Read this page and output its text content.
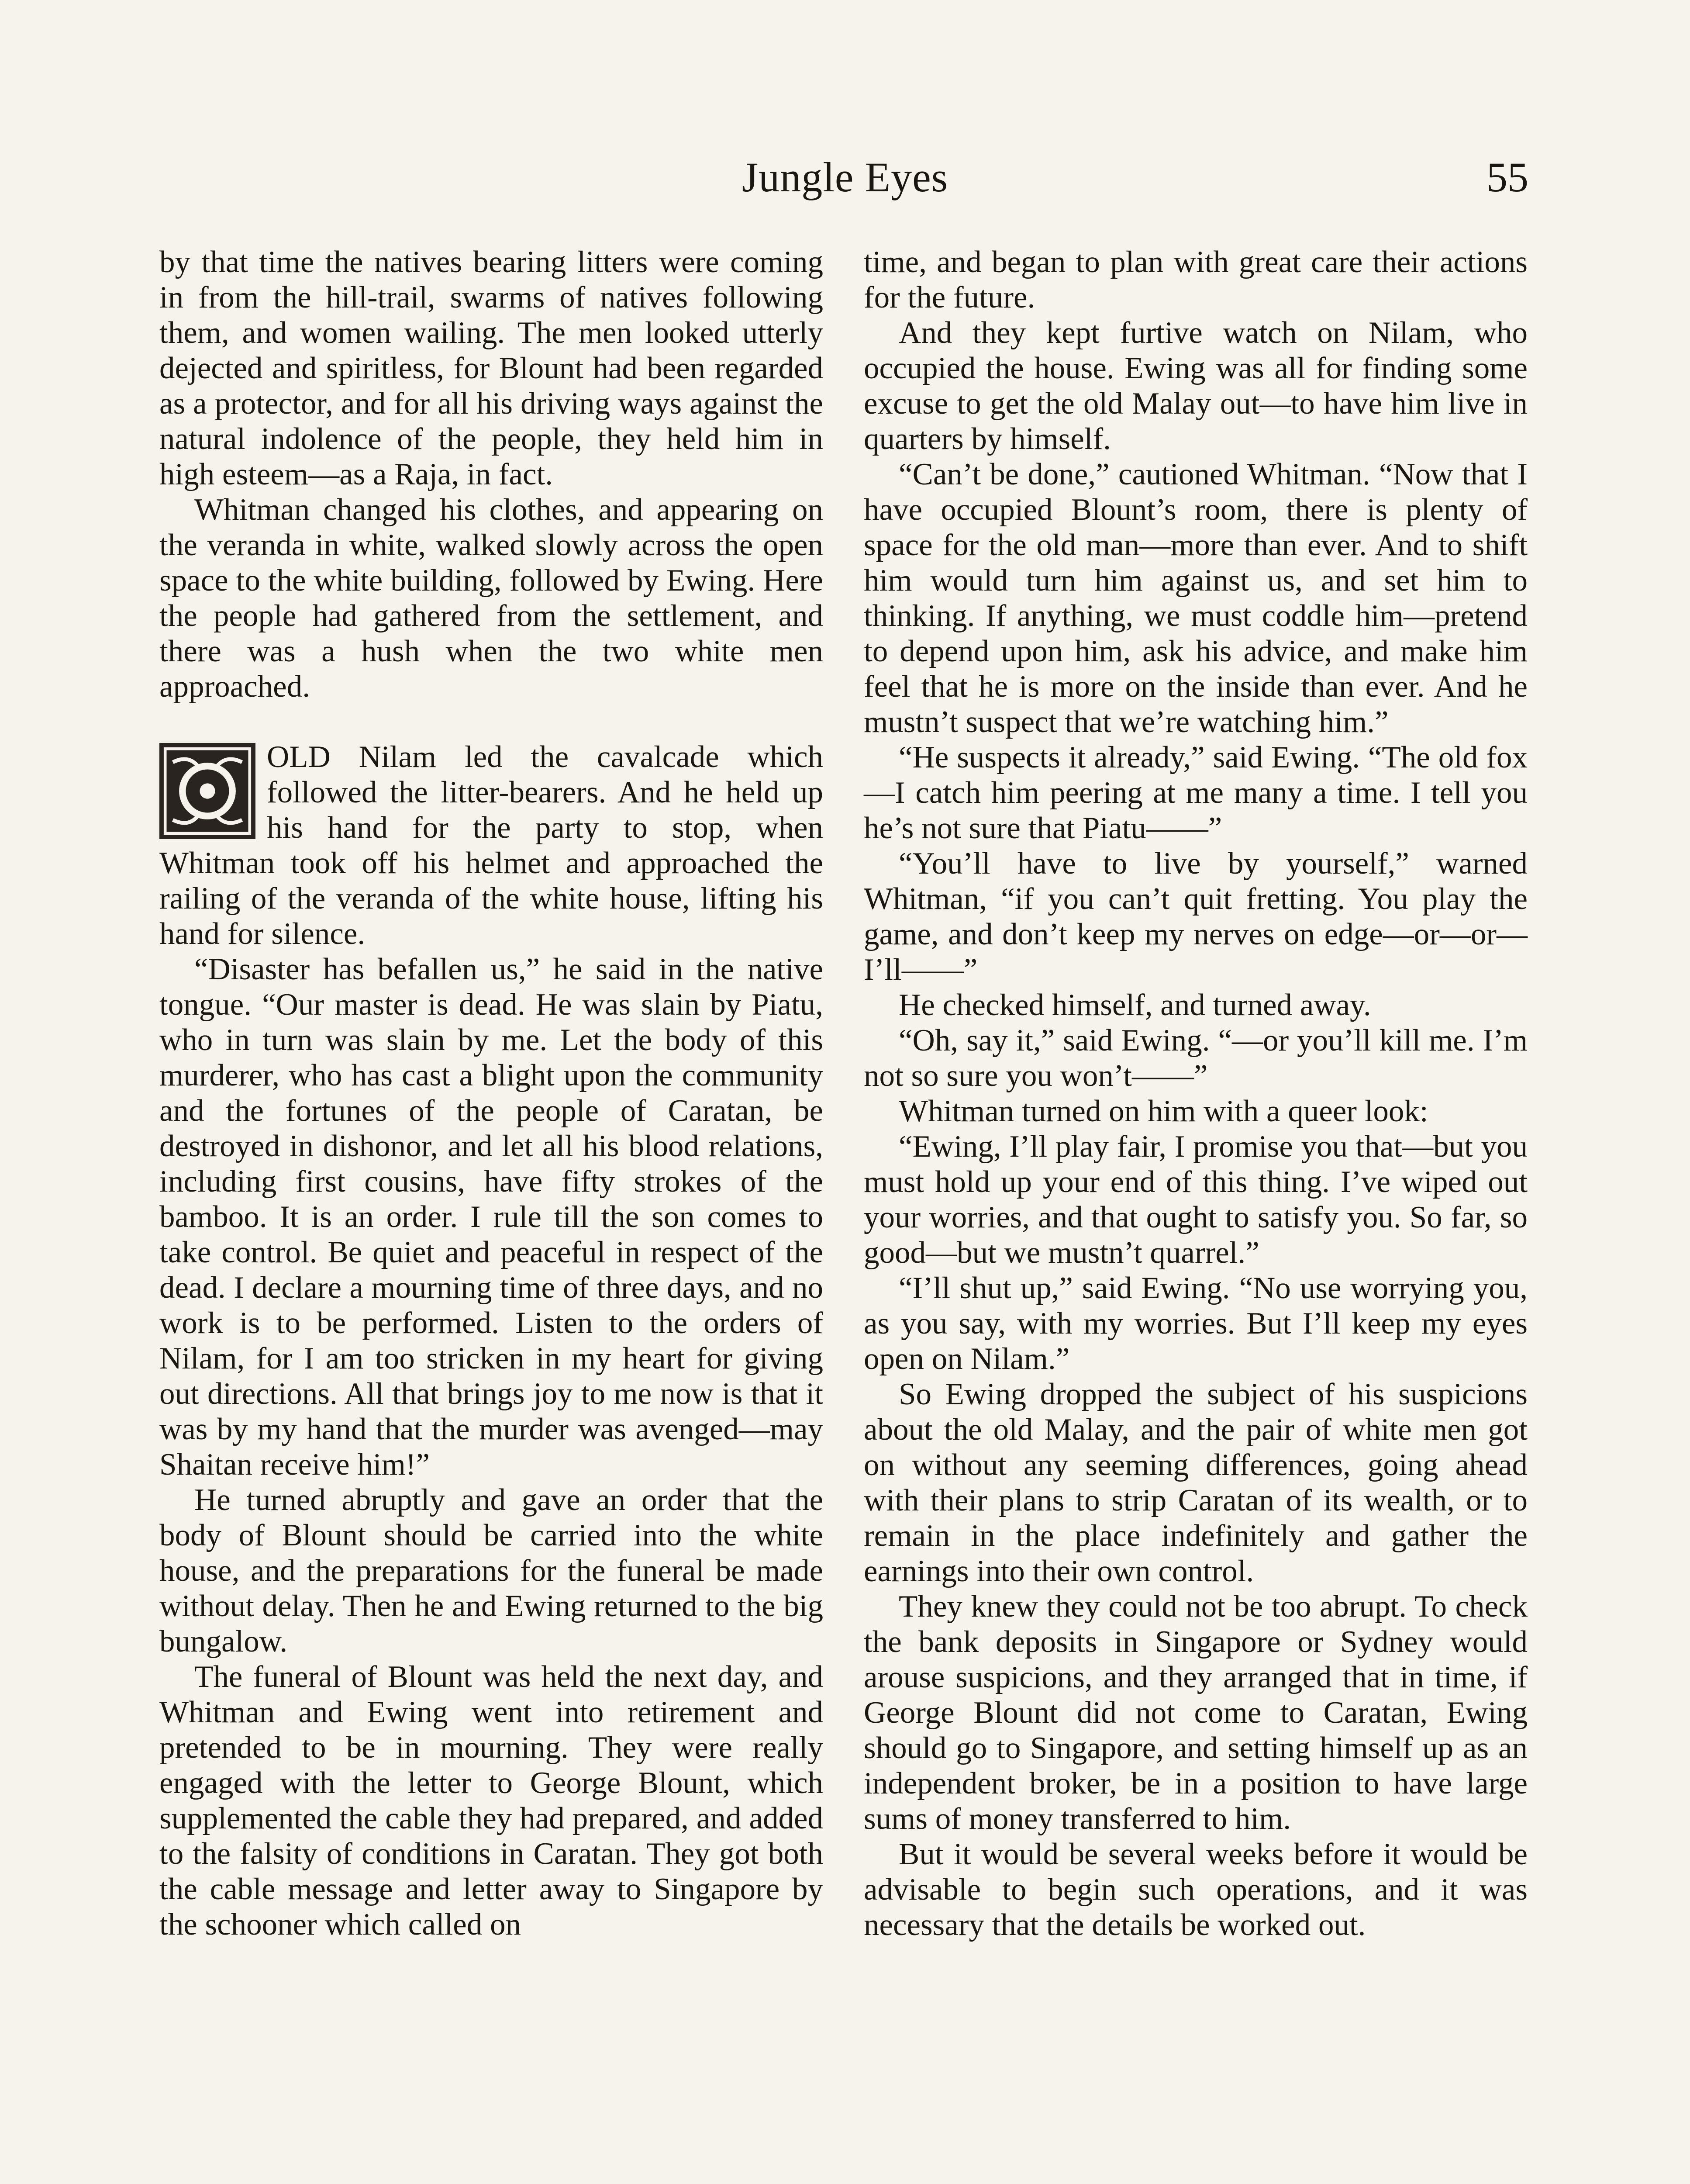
Jungle Eyes	55

by that time the natives bearing litters were coming in from the hill-trail, swarms of natives following them, and women wailing. The men looked utterly dejected and spiritless, for Blount had been regarded as a protector, and for all his driving ways against the natural indolence of the people, they held him in high esteem—as a Raja, in fact.

Whitman changed his clothes, and appearing on the veranda in white, walked slowly across the open space to the white building, followed by Ewing. Here the people had gathered from the settlement, and there was a hush when the two white men approached.

OLD Nilam led the cavalcade which followed the litter-bearers. And he held up his hand for the party to stop, when Whitman took off his helmet and approached the railing of the veranda of the white house, lifting his hand for silence.

“Disaster has befallen us,” he said in the native tongue. “Our master is dead. He was slain by Piatu, who in turn was slain by me. Let the body of this murderer, who has cast a blight upon the community and the fortunes of the people of Caratan, be destroyed in dishonor, and let all his blood relations, including first cousins, have fifty strokes of the bamboo. It is an order. I rule till the son comes to take control. Be quiet and peaceful in respect of the dead. I declare a mourning time of three days, and no work is to be performed. Listen to the orders of Nilam, for I am too stricken in my heart for giving out directions. All that brings joy to me now is that it was by my hand that the murder was avenged—may Shaitan receive him!”

He turned abruptly and gave an order that the body of Blount should be carried into the white house, and the preparations for the funeral be made without delay. Then he and Ewing returned to the big bungalow.

The funeral of Blount was held the next day, and Whitman and Ewing went into retirement and pretended to be in mourning. They were really engaged with the letter to George Blount, which supplemented the cable they had prepared, and added to the falsity of conditions in Caratan. They got both the cable message and letter away to Singapore by the schooner which called on

time, and began to plan with great care their actions for the future.

And they kept furtive watch on Nilam, who occupied the house. Ewing was all for finding some excuse to get the old Malay out—to have him live in quarters by himself.

“Can’t be done,” cautioned Whitman. “Now that I have occupied Blount’s room, there is plenty of space for the old man—more than ever. And to shift him would turn him against us, and set him to thinking. If anything, we must coddle him—pretend to depend upon him, ask his advice, and make him feel that he is more on the inside than ever. And he mustn’t suspect that we’re watching him.”

“He suspects it already,” said Ewing. “The old fox—I catch him peering at me many a time. I tell you he’s not sure that Piatu——”

“You’ll have to live by yourself,” warned Whitman, “if you can’t quit fretting. You play the game, and don’t keep my nerves on edge—or—or—I’ll——”

He checked himself, and turned away.

“Oh, say it,” said Ewing. “—or you’ll kill me. I’m not so sure you won’t——”

Whitman turned on him with a queer look:

“Ewing, I’ll play fair, I promise you that—but you must hold up your end of this thing. I’ve wiped out your worries, and that ought to satisfy you. So far, so good—but we mustn’t quarrel.”

“I’ll shut up,” said Ewing. “No use worrying you, as you say, with my worries. But I’ll keep my eyes open on Nilam.”

So Ewing dropped the subject of his suspicions about the old Malay, and the pair of white men got on without any seeming differences, going ahead with their plans to strip Caratan of its wealth, or to remain in the place indefinitely and gather the earnings into their own control.

They knew they could not be too abrupt. To check the bank deposits in Singapore or Sydney would arouse suspicions, and they arranged that in time, if George Blount did not come to Caratan, Ewing should go to Singapore, and setting himself up as an independent broker, be in a position to have large sums of money transferred to him.

But it would be several weeks before it would be advisable to begin such operations, and it was necessary that the details be worked out.
